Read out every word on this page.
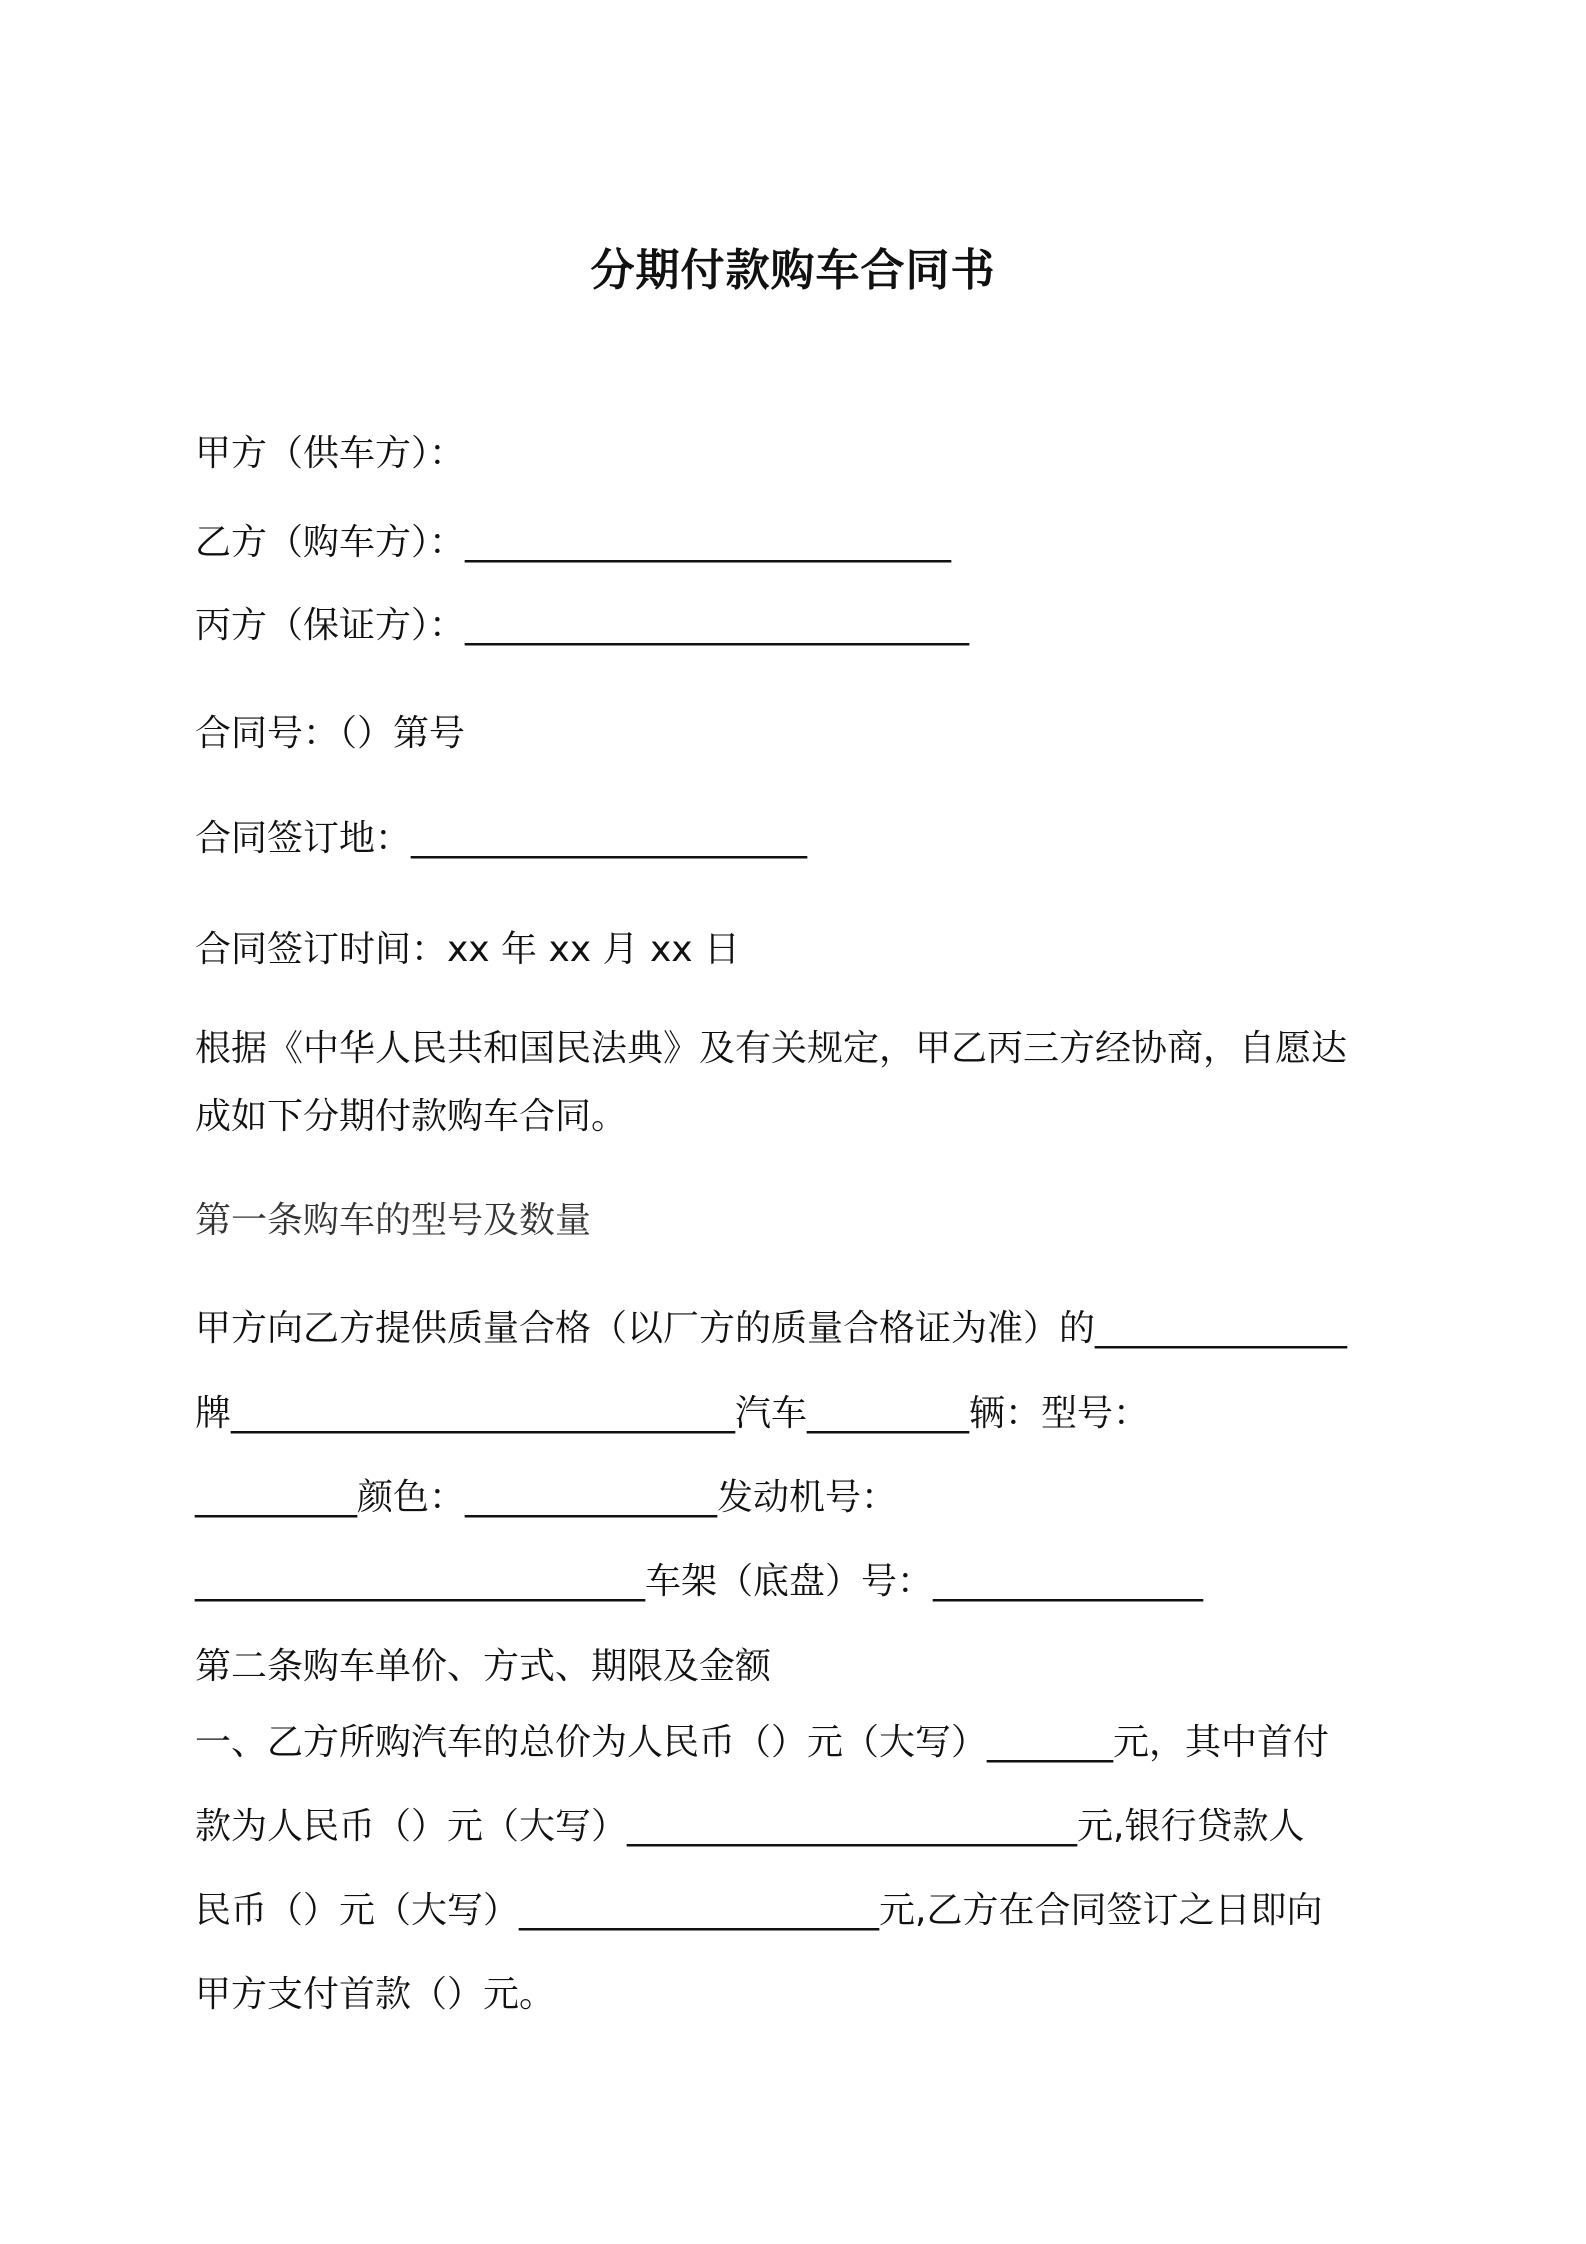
分期付款购车合同书
甲方（供车方）：
乙方（购车方）：___________________________
丙方（保证方）：____________________________
合同号：（）第号
合同签订地：______________________
合同签订时间：xx 年 xx 月 xx 日
根据《中华人民共和国民法典》及有关规定，甲乙丙三方经协商，自愿达
成如下分期付款购车合同。
第一条购车的型号及数量
甲方向乙方提供质量合格（以厂方的质量合格证为准）的______________
牌____________________________汽车_________辆：型号：
_________颜色：______________发动机号：
_________________________车架（底盘）号：_______________
第二条购车单价、方式、期限及金额
一、乙方所购汽车的总价为人民币（）元（大写）_______元，其中首付
款为人民币（）元（大写）_________________________元,银行贷款人
民币（）元（大写）____________________元,乙方在合同签订之日即向
甲方支付首款（）元。
